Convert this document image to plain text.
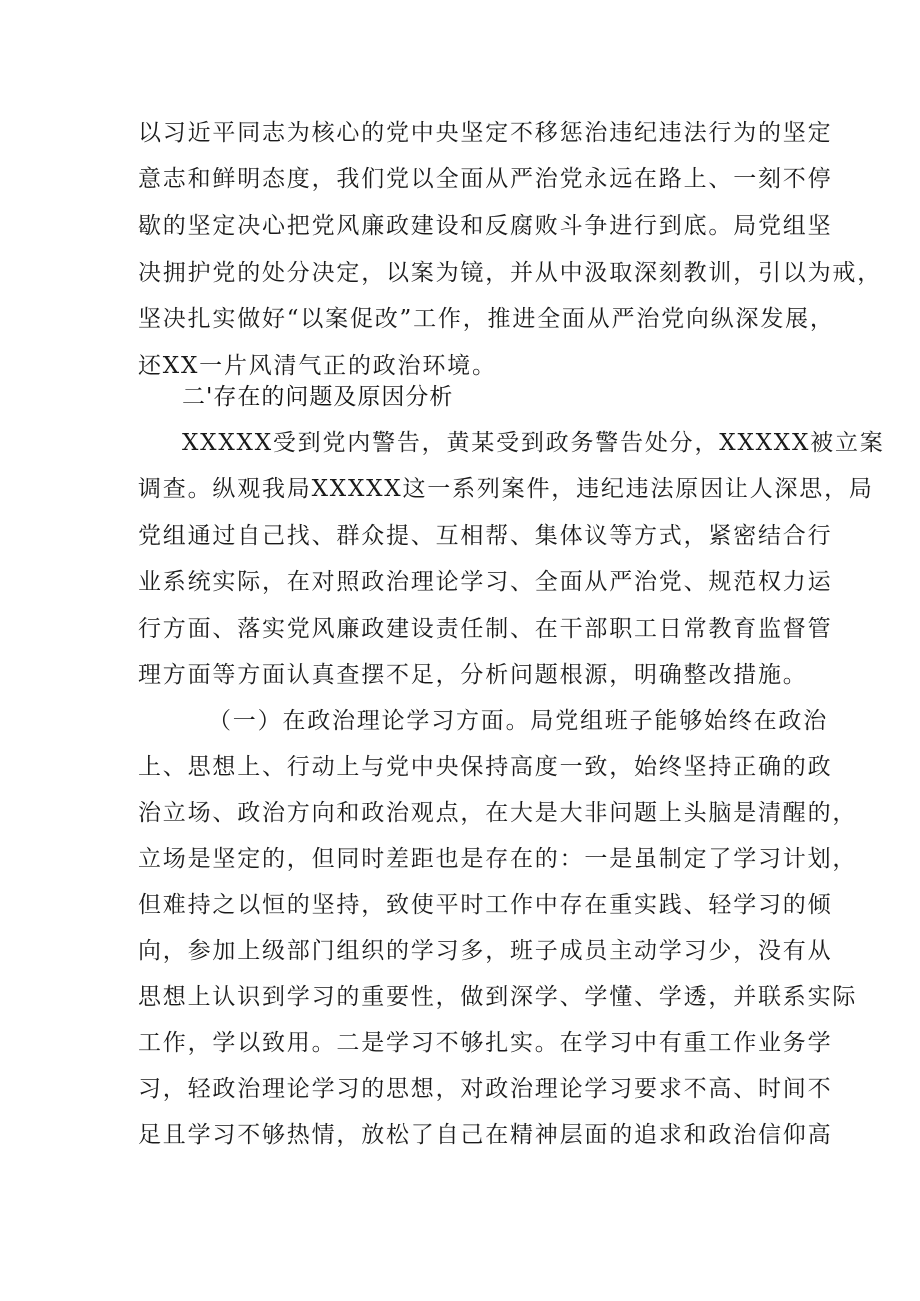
以习近平同志为核心的党中央坚定不移惩治违纪违法行为的坚定
意志和鲜明态度，我们党以全面从严治党永远在路上、一刻不停
歇的坚定决心把党风廉政建设和反腐败斗争进行到底。局党组坚
决拥护党的处分决定，以案为镜，并从中汲取深刻教训，引以为戒，
坚决扎实做好“以案促改”工作，推进全面从严治党向纵深发展，
还XX一片风清气正的政治环境。
二'存在的问题及原因分析
XXXXX受到党内警告，黄某受到政务警告处分，XXXXX被立案
调查。纵观我局XXXXX这一系列案件，违纪违法原因让人深思，局
党组通过自己找、群众提、互相帮、集体议等方式，紧密结合行
业系统实际，在对照政治理论学习、全面从严治党、规范权力运
行方面、落实党风廉政建设责任制、在干部职工日常教育监督管
理方面等方面认真查摆不足，分析问题根源，明确整改措施。
（一）在政治理论学习方面。局党组班子能够始终在政治
上、思想上、行动上与党中央保持高度一致，始终坚持正确的政
治立场、政治方向和政治观点，在大是大非问题上头脑是清醒的，
立场是坚定的，但同时差距也是存在的：一是虽制定了学习计划，
但难持之以恒的坚持，致使平时工作中存在重实践、轻学习的倾
向，参加上级部门组织的学习多，班子成员主动学习少，没有从
思想上认识到学习的重要性，做到深学、学懂、学透，并联系实际
工作，学以致用。二是学习不够扎实。在学习中有重工作业务学
习，轻政治理论学习的思想，对政治理论学习要求不高、时间不
足且学习不够热情，放松了自己在精神层面的追求和政治信仰高
